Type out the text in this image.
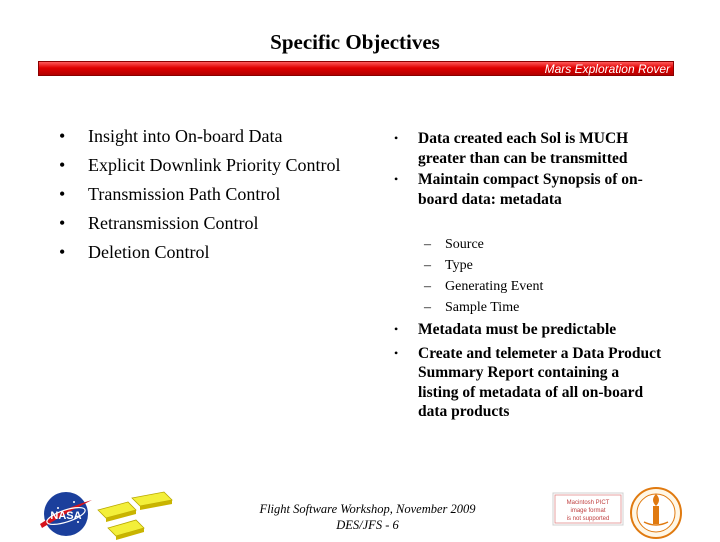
Specific Objectives
Mars Exploration Rover
• Insight into On-board Data
• Explicit Downlink Priority Control
• Transmission Path Control
• Retransmission Control
• Deletion Control
• Data created each Sol is MUCH greater than can be transmitted
• Maintain compact Synopsis of on-board data: metadata
– Source
– Type
– Generating Event
– Sample Time
• Metadata must be predictable
• Create and telemeter a Data Product Summary Report containing a listing of metadata of all on-board data products
Flight Software Workshop, November 2009
DES/JFS - 6
NASA
Macintosh PICT
image format
is not supported
